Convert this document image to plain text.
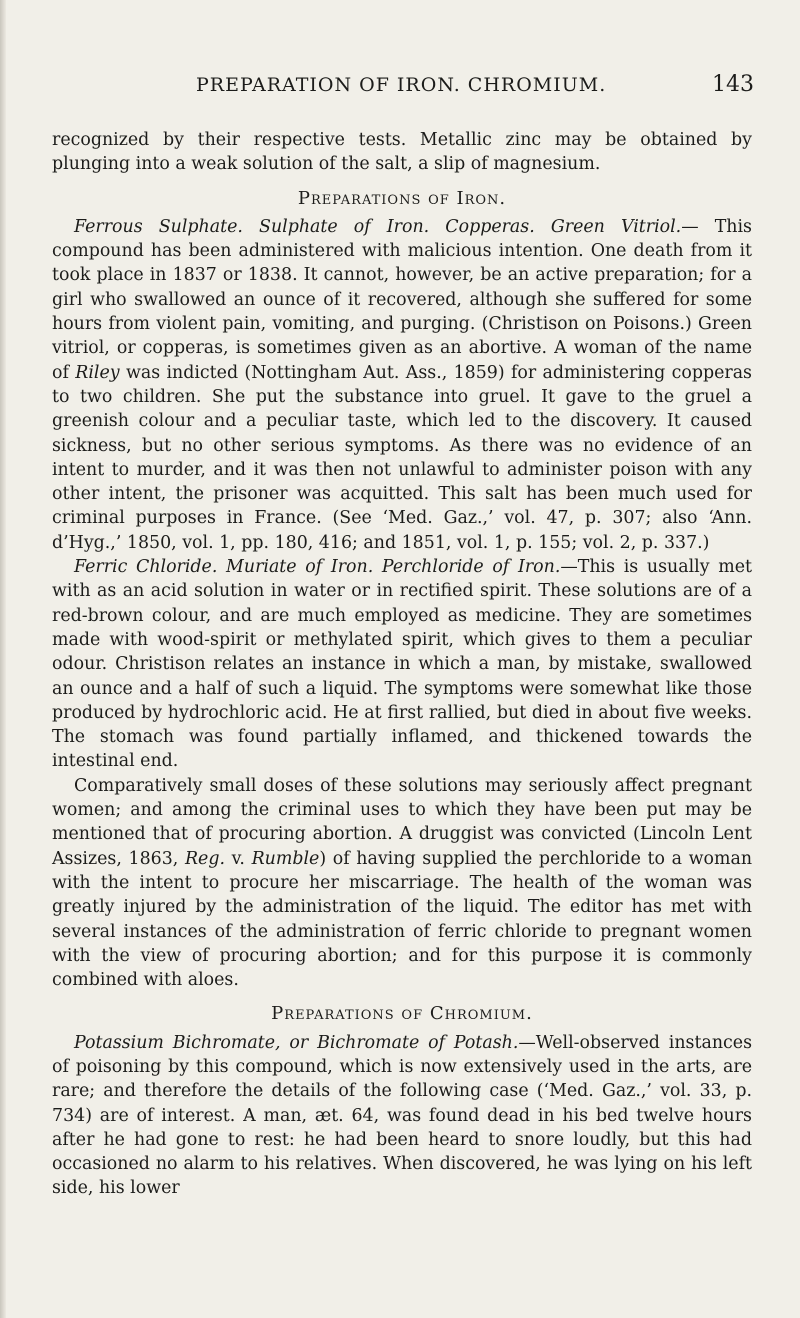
PREPARATION OF IRON. CHROMIUM.	143

recognized by their respective tests. Metallic zinc may be obtained by plunging into a weak solution of the salt, a slip of magnesium.

Preparations of Iron.

Ferrous Sulphate. Sulphate of Iron. Copperas. Green Vitriol.— This compound has been administered with malicious intention. One death from it took place in 1837 or 1838. It cannot, however, be an active preparation; for a girl who swallowed an ounce of it recovered, although she suffered for some hours from violent pain, vomiting, and purging. (Christison on Poisons.) Green vitriol, or copperas, is sometimes given as an abortive. A woman of the name of Riley was indicted (Nottingham Aut. Ass., 1859) for administering copperas to two children. She put the substance into gruel. It gave to the gruel a greenish colour and a peculiar taste, which led to the discovery. It caused sickness, but no other serious symptoms. As there was no evidence of an intent to murder, and it was then not unlawful to administer poison with any other intent, the prisoner was acquitted. This salt has been much used for criminal purposes in France. (See ‘Med. Gaz.,’ vol. 47, p. 307; also ‘Ann. d’Hyg.,’ 1850, vol. 1, pp. 180, 416; and 1851, vol. 1, p. 155; vol. 2, p. 337.)

Ferric Chloride. Muriate of Iron. Perchloride of Iron.—This is usually met with as an acid solution in water or in rectified spirit. These solutions are of a red-brown colour, and are much employed as medicine. They are sometimes made with wood-spirit or methylated spirit, which gives to them a peculiar odour. Christison relates an instance in which a man, by mistake, swallowed an ounce and a half of such a liquid. The symptoms were somewhat like those produced by hydrochloric acid. He at first rallied, but died in about five weeks. The stomach was found partially inflamed, and thickened towards the intestinal end.

Comparatively small doses of these solutions may seriously affect pregnant women; and among the criminal uses to which they have been put may be mentioned that of procuring abortion. A druggist was convicted (Lincoln Lent Assizes, 1863, Reg. v. Rumble) of having supplied the perchloride to a woman with the intent to procure her miscarriage. The health of the woman was greatly injured by the administration of the liquid. The editor has met with several instances of the administration of ferric chloride to pregnant women with the view of procuring abortion; and for this purpose it is commonly combined with aloes.

Preparations of Chromium.

Potassium Bichromate, or Bichromate of Potash.—Well-observed instances of poisoning by this compound, which is now extensively used in the arts, are rare; and therefore the details of the following case (‘Med. Gaz.,’ vol. 33, p. 734) are of interest. A man, æt. 64, was found dead in his bed twelve hours after he had gone to rest: he had been heard to snore loudly, but this had occasioned no alarm to his relatives. When discovered, he was lying on his left side, his lower
